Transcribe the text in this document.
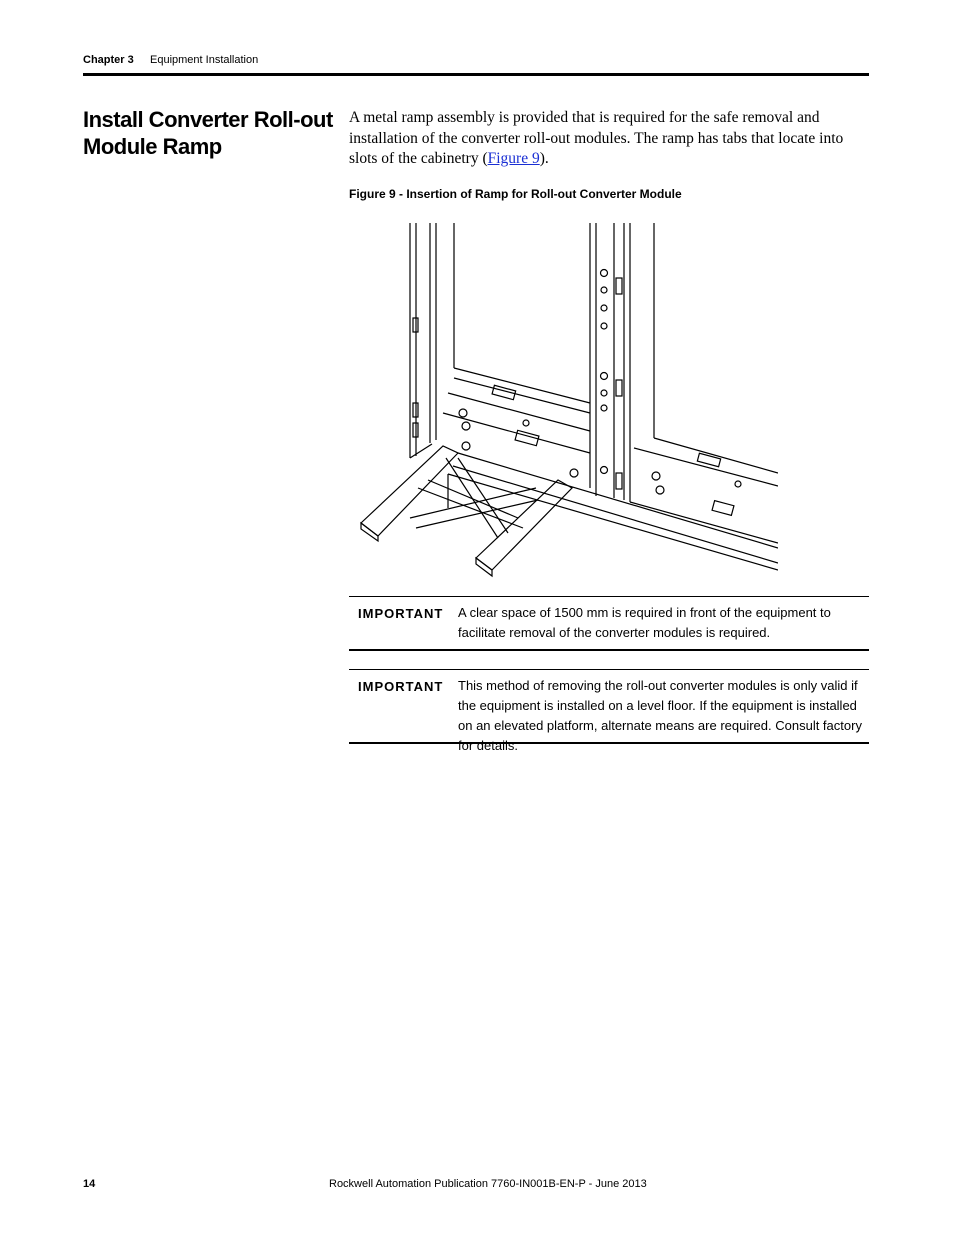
Chapter 3 Equipment Installation
Install Converter Roll-out Module Ramp
A metal ramp assembly is provided that is required for the safe removal and installation of the converter roll-out modules. The ramp has tabs that locate into slots of the cabinetry (Figure 9).
Figure 9 - Insertion of Ramp for Roll-out Converter Module
IMPORTANT A clear space of 1500 mm is required in front of the equipment to facilitate removal of the converter modules is required.
IMPORTANT This method of removing the roll-out converter modules is only valid if the equipment is installed on a level floor. If the equipment is installed on an elevated platform, alternate means are required. Consult factory for details.
14	Rockwell Automation Publication 7760-IN001B-EN-P - June 2013
